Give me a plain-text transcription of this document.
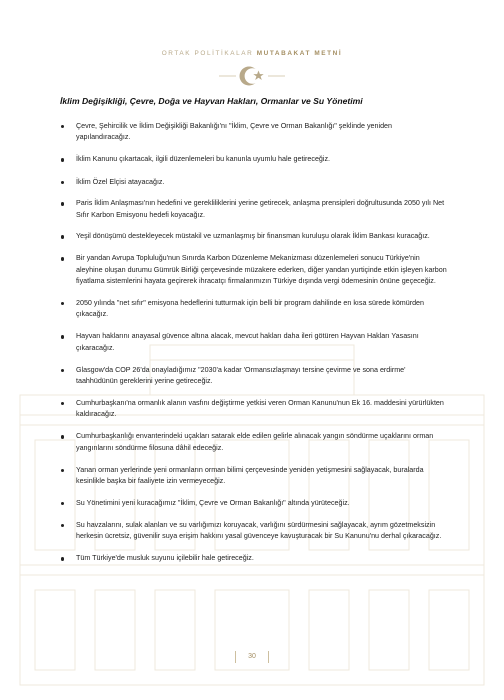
ORTAK POLİTİKALAR MUTABAKAT METNİ
İklim Değişikliği, Çevre, Doğa ve Hayvan Hakları, Ormanlar ve Su Yönetimi
Çevre, Şehircilik ve İklim Değişikliği Bakanlığı'nı "İklim, Çevre ve Orman Bakanlığı" şeklinde yeniden yapılandıracağız.
İklim Kanunu çıkartacak, ilgili düzenlemeleri bu kanunla uyumlu hale getireceğiz.
İklim Özel Elçisi atayacağız.
Paris İklim Anlaşması'nın hedefini ve gerekliliklerini yerine getirecek, anlaşma prensipleri doğrultusunda 2050 yılı Net Sıfır Karbon Emisyonu hedefi koyacağız.
Yeşil dönüşümü destekleyecek müstakil ve uzmanlaşmış bir finansman kuruluşu olarak İklim Bankası kuracağız.
Bir yandan Avrupa Topluluğu'nun Sınırda Karbon Düzenleme Mekanizması düzenlemeleri sonucu Türkiye'nin aleyhine oluşan durumu Gümrük Birliği çerçevesinde müzakere ederken, diğer yandan yurtiçinde etkin işleyen karbon fiyatlama sistemlerini hayata geçirerek ihracatçı firmalarımızın Türkiye dışında vergi ödemesinin önüne geçeceğiz.
2050 yılında "net sıfır" emisyona hedeflerini tutturmak için belli bir program dahilinde en kısa sürede kömürden çıkacağız.
Hayvan haklarını anayasal güvence altına alacak, mevcut hakları daha ileri götüren Hayvan Hakları Yasasını çıkaracağız.
Glasgow'da COP 26'da onayladığımız "2030'a kadar 'Ormansızlaşmayı tersine çevirme ve sona erdirme' taahhüdünün gereklerini yerine getireceğiz.
Cumhurbaşkanı'na ormanlık alanın vasfını değiştirme yetkisi veren Orman Kanunu'nun Ek 16. maddesini yürürlükten kaldıracağız.
Cumhurbaşkanlığı envanterindeki uçakları satarak elde edilen gelirle alınacak yangın söndürme uçaklarını orman yangınlarını söndürme filosuna dâhil edeceğiz.
Yanan orman yerlerinde yeni ormanların orman bilimi çerçevesinde yeniden yetişmesini sağlayacak, buralarda kesinlikle başka bir faaliyete izin vermeyeceğiz.
Su Yönetimini yeni kuracağımız "İklim, Çevre ve Orman Bakanlığı" altında yürüteceğiz.
Su havzalarını, sulak alanları ve su varlığımızı koruyacak, varlığını sürdürmesini sağlayacak, ayrım gözetmeksizin herkesin ücretsiz, güvenilir suya erişim hakkını yasal güvenceye kavuşturacak bir Su Kanunu'nu derhal çıkaracağız.
Tüm Türkiye'de musluk suyunu içilebilir hale getireceğiz.
30
